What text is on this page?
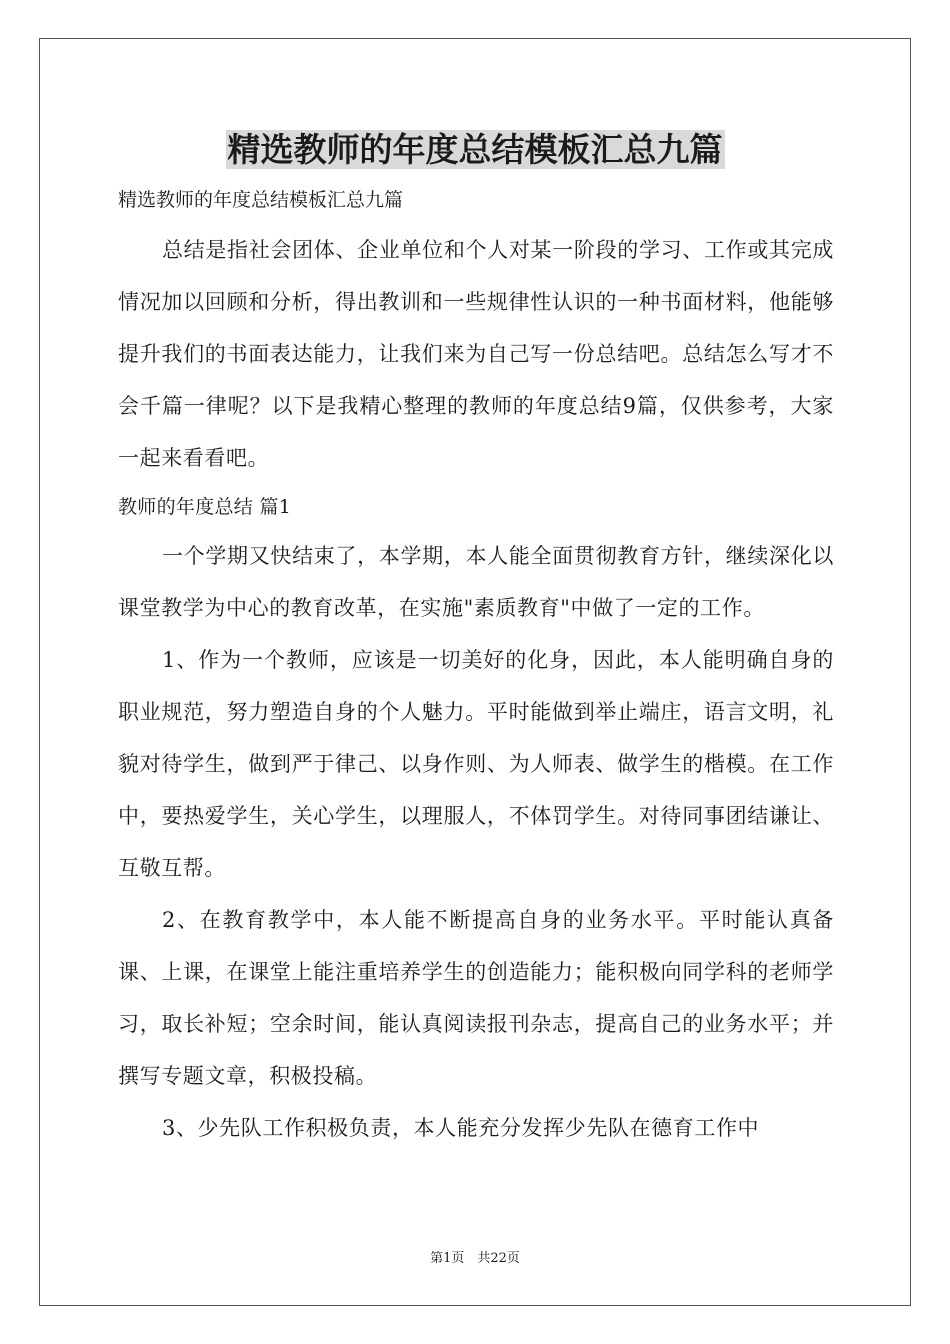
精选教师的年度总结模板汇总九篇
精选教师的年度总结模板汇总九篇

总结是指社会团体、企业单位和个人对某一阶段的学习、工作或其完成情况加以回顾和分析，得出教训和一些规律性认识的一种书面材料，他能够提升我们的书面表达能力，让我们来为自己写一份总结吧。总结怎么写才不会千篇一律呢？以下是我精心整理的教师的年度总结9篇，仅供参考，大家一起来看看吧。

教师的年度总结 篇1

一个学期又快结束了，本学期，本人能全面贯彻教育方针，继续深化以课堂教学为中心的教育改革，在实施"素质教育"中做了一定的工作。

1、作为一个教师，应该是一切美好的化身，因此，本人能明确自身的职业规范，努力塑造自身的个人魅力。平时能做到举止端庄，语言文明，礼貌对待学生，做到严于律己、以身作则、为人师表、做学生的楷模。在工作中，要热爱学生，关心学生，以理服人，不体罚学生。对待同事团结谦让、互敬互帮。

2、在教育教学中，本人能不断提高自身的业务水平。平时能认真备课、上课，在课堂上能注重培养学生的创造能力；能积极向同学科的老师学习，取长补短；空余时间，能认真阅读报刊杂志，提高自己的业务水平；并撰写专题文章，积极投稿。

3、少先队工作积极负责，本人能充分发挥少先队在德育工作中

第1页　共22页
